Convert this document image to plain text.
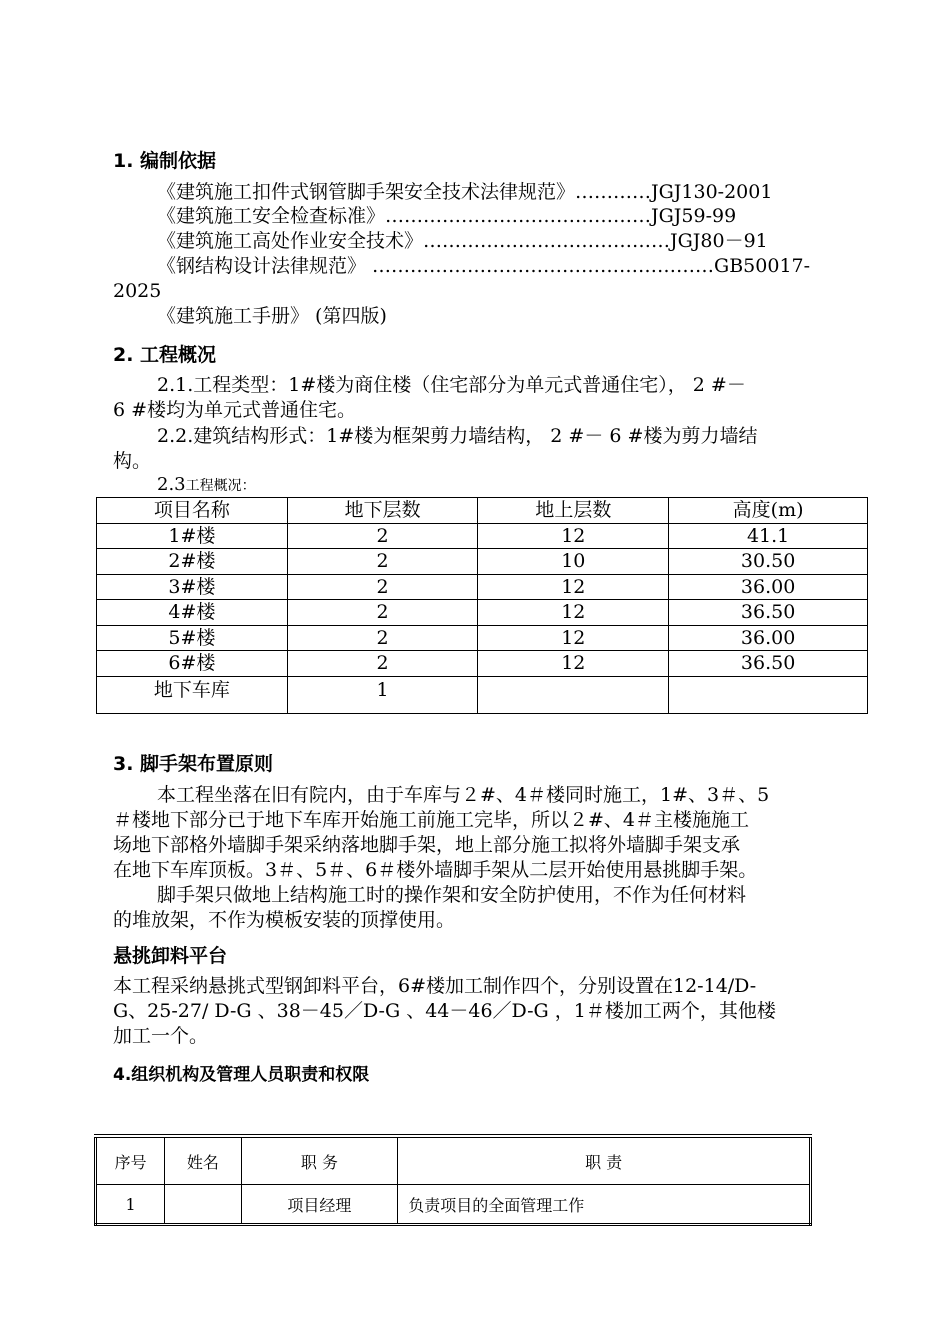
1. 编制依据
《建筑施工扣件式钢管脚手架安全技术法律规范》…………JGJ130-2001
《建筑施工安全检查标准》……………………………………JGJ59-99
《建筑施工高处作业安全技术》…………………………………JGJ80－91
《钢结构设计法律规范》 ………………………………………………GB50017-
2025
《建筑施工手册》 (第四版)
2. 工程概况
2.1.工程类型：1#楼为商住楼（住宅部分为单元式普通住宅）， 2 #－
6 #楼均为单元式普通住宅。
2.2.建筑结构形式：1#楼为框架剪力墙结构， 2 #－ 6 #楼为剪力墙结
构。
2.3工程概况：
项目名称	地下层数	地上层数	高度(m)
1#楼	2	12	41.1
2#楼	2	10	30.50
3#楼	2	12	36.00
4#楼	2	12	36.50
5#楼	2	12	36.00
6#楼	2	12	36.50
地下车库	1		
3. 脚手架布置原则
本工程坐落在旧有院内，由于车库与２#、4＃楼同时施工，1#、3＃、5
＃楼地下部分已于地下车库开始施工前施工完毕，所以２#、4＃主楼施施工
场地下部格外墙脚手架采纳落地脚手架，地上部分施工拟将外墙脚手架支承
在地下车库顶板。3＃、5＃、6＃楼外墙脚手架从二层开始使用悬挑脚手架。
脚手架只做地上结构施工时的操作架和安全防护使用，不作为任何材料
的堆放架，不作为模板安装的顶撑使用。
悬挑卸料平台
本工程采纳悬挑式型钢卸料平台，6#楼加工制作四个，分别设置在12-14/D-
G、25-27/ D-G 、38－45／D-G 、44－46／D-G ，1＃楼加工两个，其他楼
加工一个。
4.组织机构及管理人员职责和权限
序号	姓名	职 务	职 责
1		项目经理	负责项目的全面管理工作
